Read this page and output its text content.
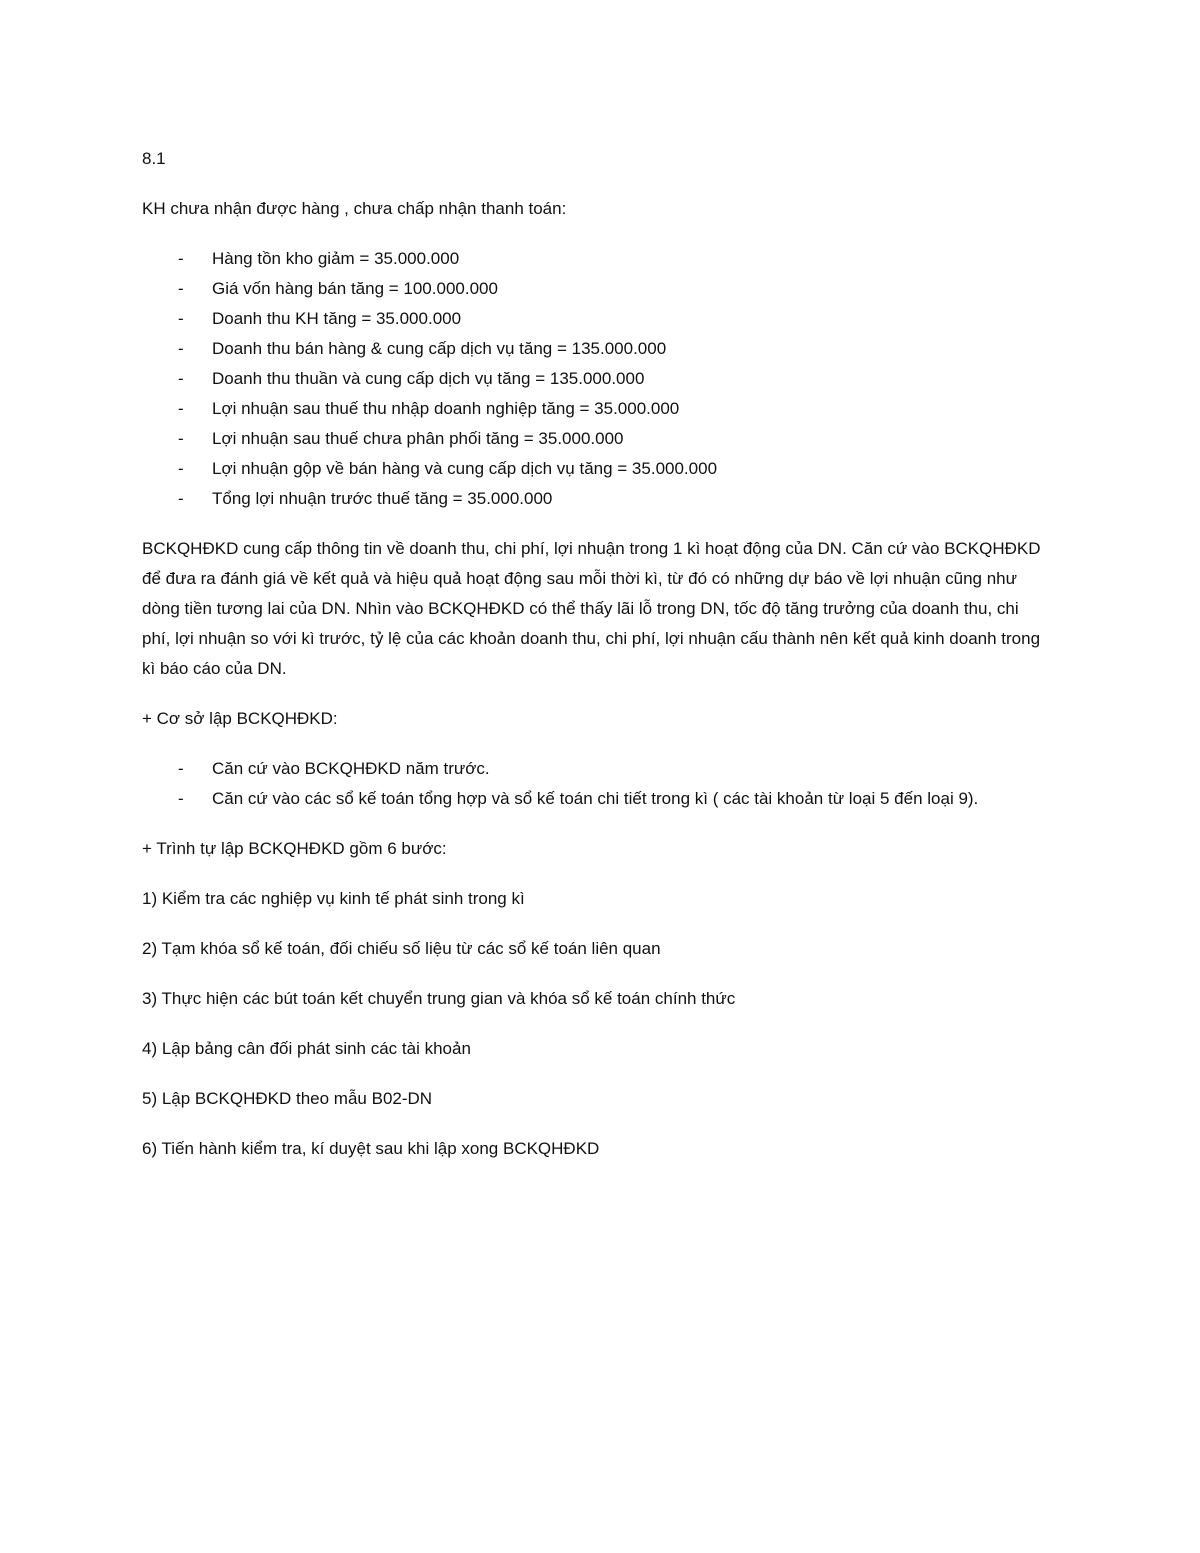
8.1

KH chưa nhận được hàng , chưa chấp nhận thanh toán:

- Hàng tồn kho giảm = 35.000.000
- Giá vốn hàng bán tăng = 100.000.000
- Doanh thu KH tăng = 35.000.000
- Doanh thu bán hàng & cung cấp dịch vụ tăng = 135.000.000
- Doanh thu thuần và cung cấp dịch vụ tăng = 135.000.000
- Lợi nhuận sau thuế thu nhập doanh nghiệp tăng = 35.000.000
- Lợi nhuận sau thuế chưa phân phối tăng = 35.000.000
- Lợi nhuận gộp về bán hàng và cung cấp dịch vụ tăng = 35.000.000
- Tổng lợi nhuận trước thuế tăng = 35.000.000

BCKQHĐKD cung cấp thông tin về doanh thu, chi phí, lợi nhuận trong 1 kì hoạt động của DN. Căn cứ vào BCKQHĐKD để đưa ra đánh giá về kết quả và hiệu quả hoạt động sau mỗi thời kì, từ đó có những dự báo về lợi nhuận cũng như dòng tiền tương lai của DN. Nhìn vào BCKQHĐKD có thể thấy lãi lỗ trong DN, tốc độ tăng trưởng của doanh thu, chi phí, lợi nhuận so với kì trước, tỷ lệ của các khoản doanh thu, chi phí, lợi nhuận cấu thành nên kết quả kinh doanh trong kì báo cáo của DN.

+ Cơ sở lập BCKQHĐKD:

- Căn cứ vào BCKQHĐKD năm trước.
- Căn cứ vào các sổ kế toán tổng hợp và sổ kế toán chi tiết trong kì ( các tài khoản từ loại 5 đến loại 9).

+ Trình tự lập BCKQHĐKD gồm 6 bước:

1) Kiểm tra các nghiệp vụ kinh tế phát sinh trong kì

2) Tạm khóa sổ kế toán, đối chiếu số liệu từ các sổ kế toán liên quan

3) Thực hiện các bút toán kết chuyển trung gian và khóa sổ kế toán chính thức

4) Lập bảng cân đối phát sinh các tài khoản

5) Lập BCKQHĐKD theo mẫu B02-DN

6) Tiến hành kiểm tra, kí duyệt sau khi lập xong BCKQHĐKD
